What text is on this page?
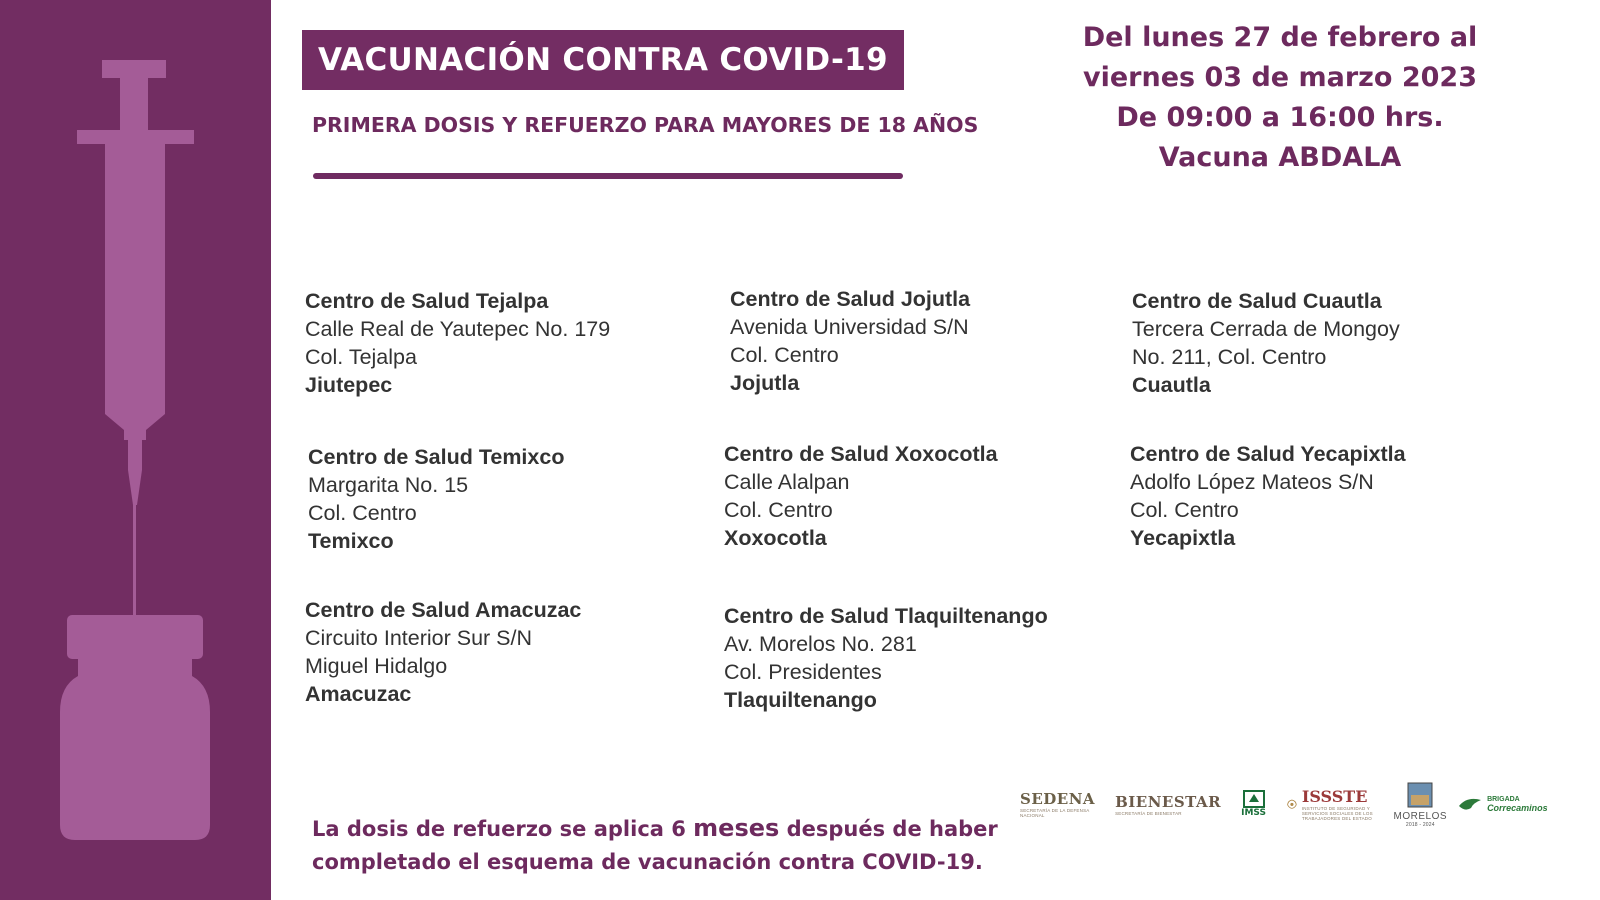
VACUNACIÓN CONTRA COVID-19
PRIMERA DOSIS Y REFUERZO PARA MAYORES DE 18 AÑOS
Del lunes 27 de febrero al
viernes 03 de marzo 2023
De 09:00 a 16:00 hrs.
Vacuna ABDALA
Centro de Salud Tejalpa
Calle Real de Yautepec No. 179
Col. Tejalpa
Jiutepec
Centro de Salud Jojutla
Avenida Universidad S/N
Col. Centro
Jojutla
Centro de Salud Cuautla
Tercera Cerrada de Mongoy
No. 211, Col. Centro
Cuautla
Centro de Salud Temixco
Margarita No. 15
Col. Centro
Temixco
Centro de Salud Xoxocotla
Calle Alalpan
Col. Centro
Xoxocotla
Centro de Salud Yecapixtla
Adolfo López Mateos S/N
Col. Centro
Yecapixtla
Centro de Salud Amacuzac
Circuito Interior Sur S/N
Miguel Hidalgo
Amacuzac
Centro de Salud Tlaquiltenango
Av. Morelos No. 281
Col. Presidentes
Tlaquiltenango
La dosis de refuerzo se aplica 6 meses después de haber
completado el esquema de vacunación contra COVID-19.
SEDENA
SECRETARÍA DE LA DEFENSA NACIONAL
BIENESTAR
SECRETARÍA DE BIENESTAR	IMSS
ISSSTE
INSTITUTO DE SEGURIDAD Y SERVICIOS SOCIALES DE LOS TRABAJADORES DEL ESTADO	MORELOS
2018 - 2024
BRIGADA
Correcaminos
